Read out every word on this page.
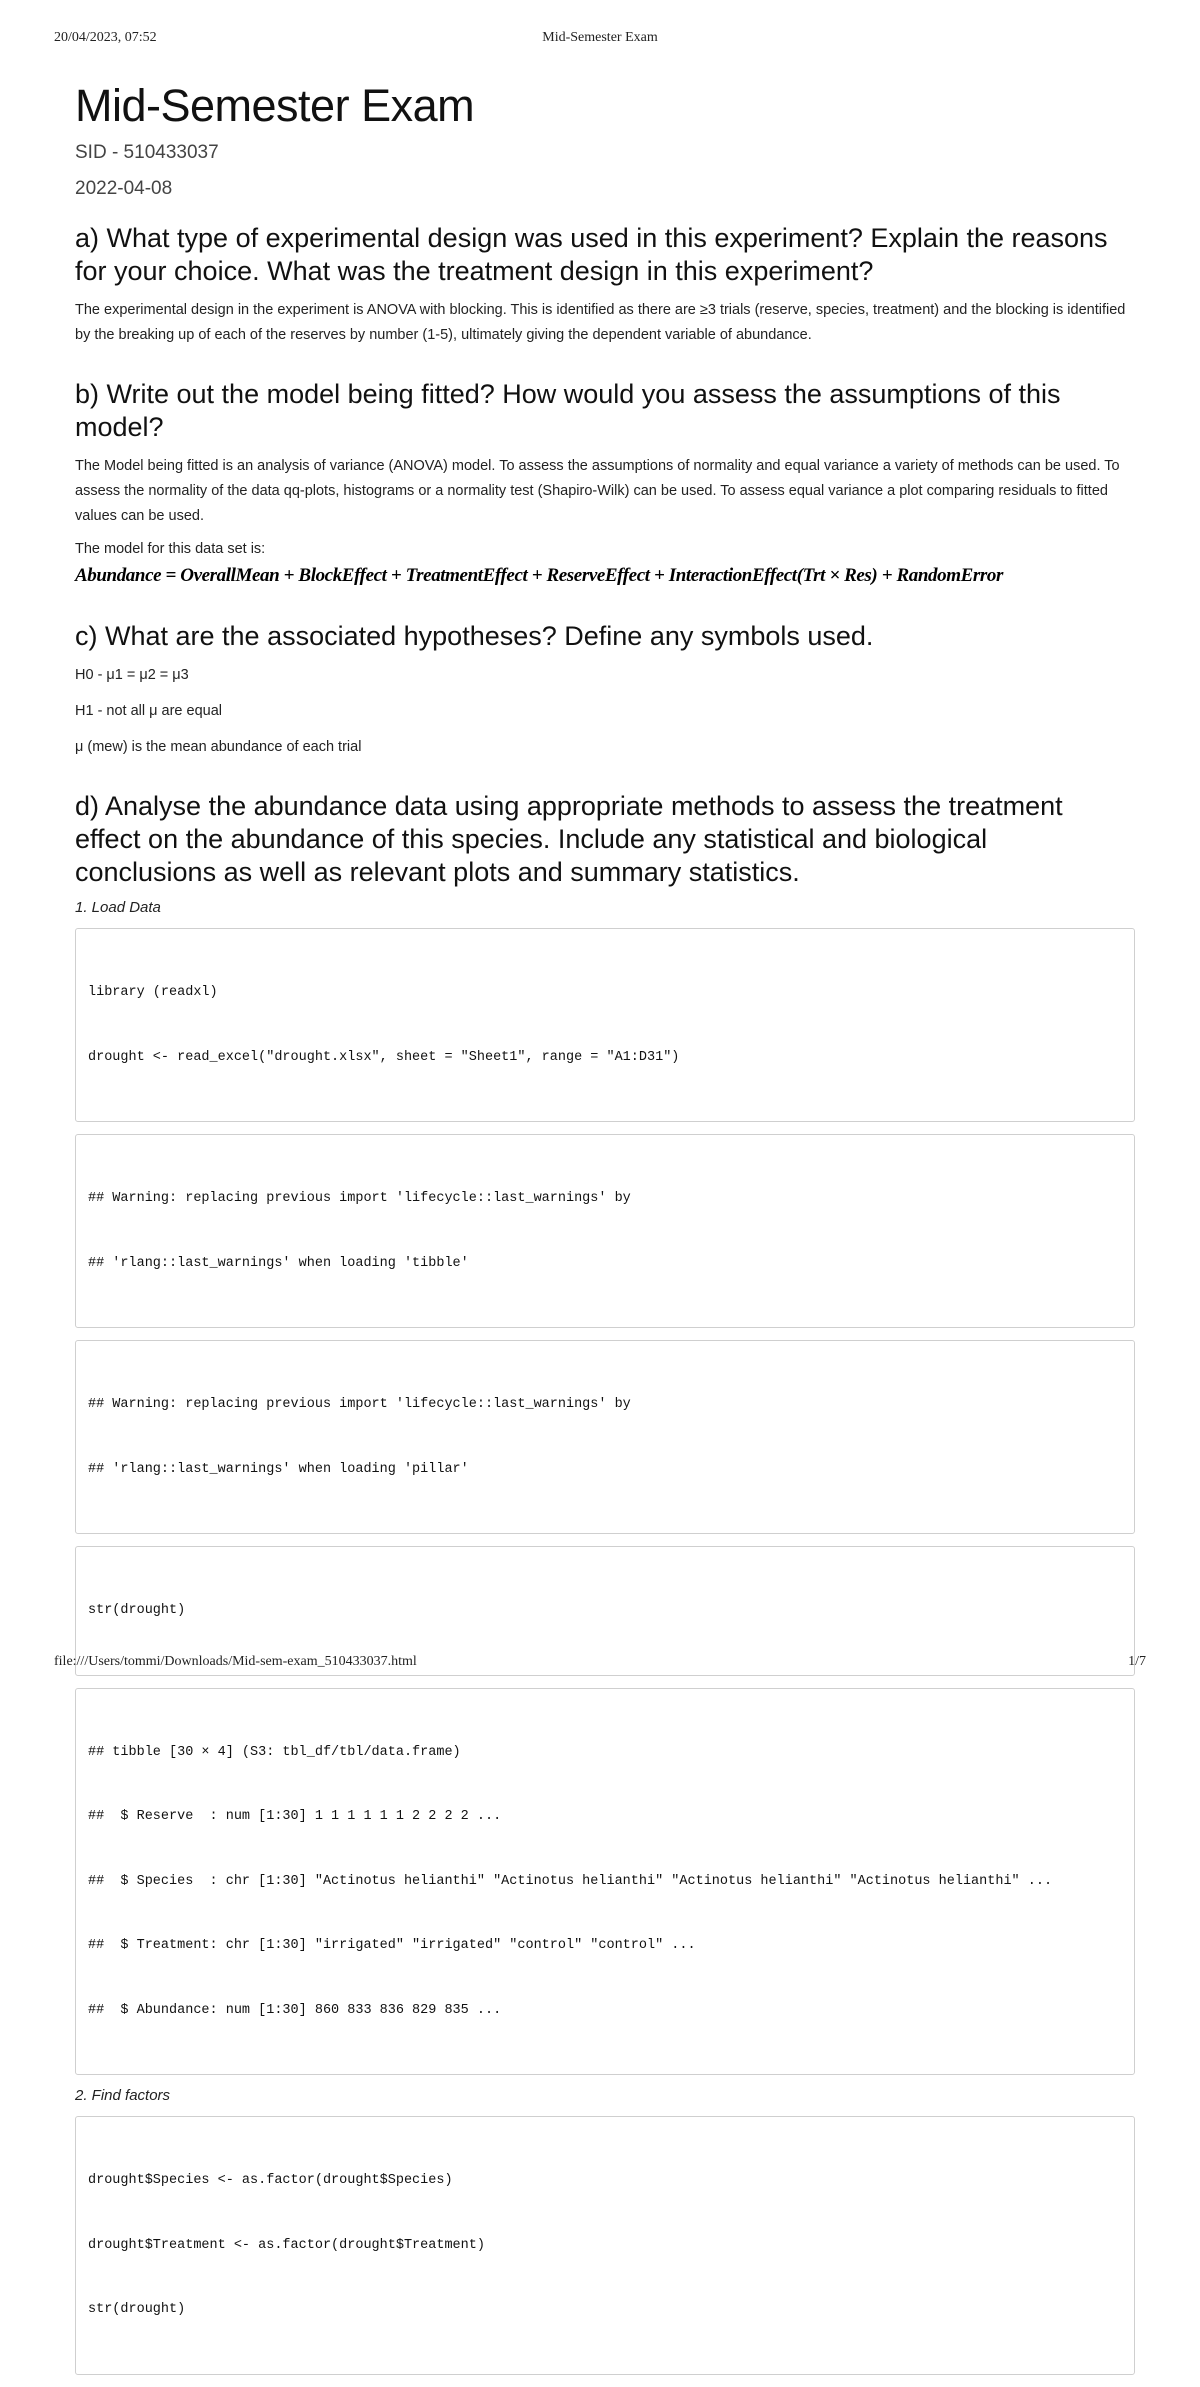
20/04/2023, 07:52	Mid-Semester Exam
Mid-Semester Exam
SID - 510433037
2022-04-08
a) What type of experimental design was used in this experiment? Explain the reasons for your choice. What was the treatment design in this experiment?

The experimental design in the experiment is ANOVA with blocking. This is identified as there are ≥3 trials (reserve, species, treatment) and the blocking is identified by the breaking up of each of the reserves by number (1-5), ultimately giving the dependent variable of abundance.

b) Write out the model being fitted? How would you assess the assumptions of this model?

The Model being fitted is an analysis of variance (ANOVA) model. To assess the assumptions of normality and equal variance a variety of methods can be used. To assess the normality of the data qq-plots, histograms or a normality test (Shapiro-Wilk) can be used. To assess equal variance a plot comparing residuals to fitted values can be used.

The model for this data set is:

Abundance = OverallMean + BlockEffect + TreatmentEffect + ReserveEffect + InteractionEffect(Trt × Res) + RandomError
c) What are the associated hypotheses? Define any symbols used.

H0 - μ1 = μ2 = μ3

H1 - not all μ are equal

μ (mew) is the mean abundance of each trial

d) Analyse the abundance data using appropriate methods to assess the treatment effect on the abundance of this species. Include any statistical and biological conclusions as well as relevant plots and summary statistics.
1. Load Data

library (readxl)

drought <- read_excel("drought.xlsx", sheet = "Sheet1", range = "A1:D31")

## Warning: replacing previous import 'lifecycle::last_warnings' by

## 'rlang::last_warnings' when loading 'tibble'

## Warning: replacing previous import 'lifecycle::last_warnings' by

## 'rlang::last_warnings' when loading 'pillar'

str(drought)

## tibble [30 × 4] (S3: tbl_df/tbl/data.frame)

##  $ Reserve  : num [1:30] 1 1 1 1 1 1 2 2 2 2 ...

##  $ Species  : chr [1:30] "Actinotus helianthi" "Actinotus helianthi" "Actinotus helianthi" "Actinotus helianthi" ...

##  $ Treatment: chr [1:30] "irrigated" "irrigated" "control" "control" ...

##  $ Abundance: num [1:30] 860 833 836 829 835 ...

2. Find factors

drought$Species <- as.factor(drought$Species)

drought$Treatment <- as.factor(drought$Treatment)

str(drought)

file:///Users/tommi/Downloads/Mid-sem-exam_510433037.html	1/7
